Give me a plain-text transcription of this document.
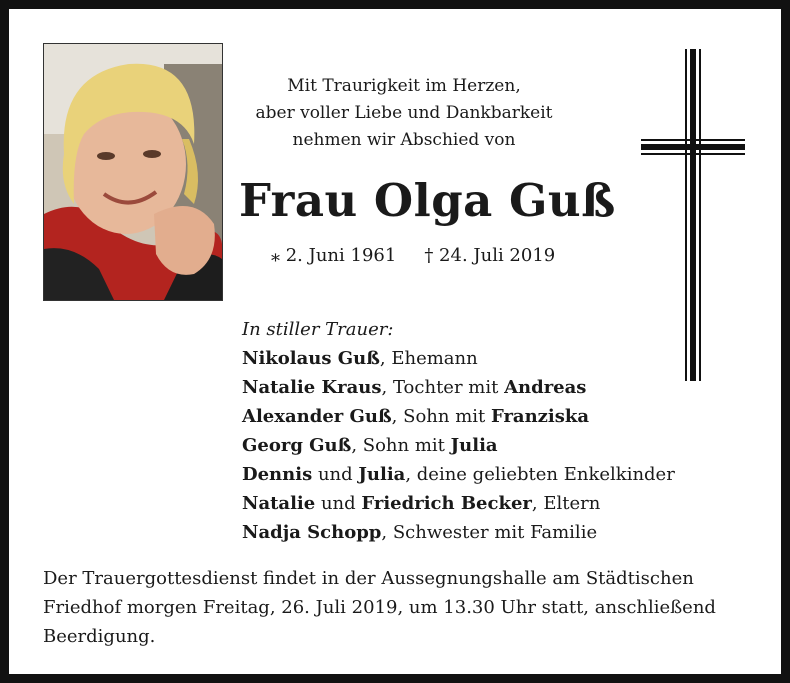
Mit Traurigkeit im Herzen,
aber voller Liebe und Dankbarkeit
nehmen wir Abschied von
Frau Olga Guß
⁎ 2. Juni 1961 † 24. Juli 2019
In stiller Trauer:
Nikolaus Guß, Ehemann
Natalie Kraus, Tochter mit Andreas
Alexander Guß, Sohn mit Franziska
Georg Guß, Sohn mit Julia
Dennis und Julia, deine geliebten Enkelkinder
Natalie und Friedrich Becker, Eltern
Nadja Schopp, Schwester mit Familie
Der Trauergottesdienst findet in der Aussegnungshalle am Städtischen Friedhof morgen Freitag, 26. Juli 2019, um 13.30 Uhr statt, anschließend Beerdigung.
